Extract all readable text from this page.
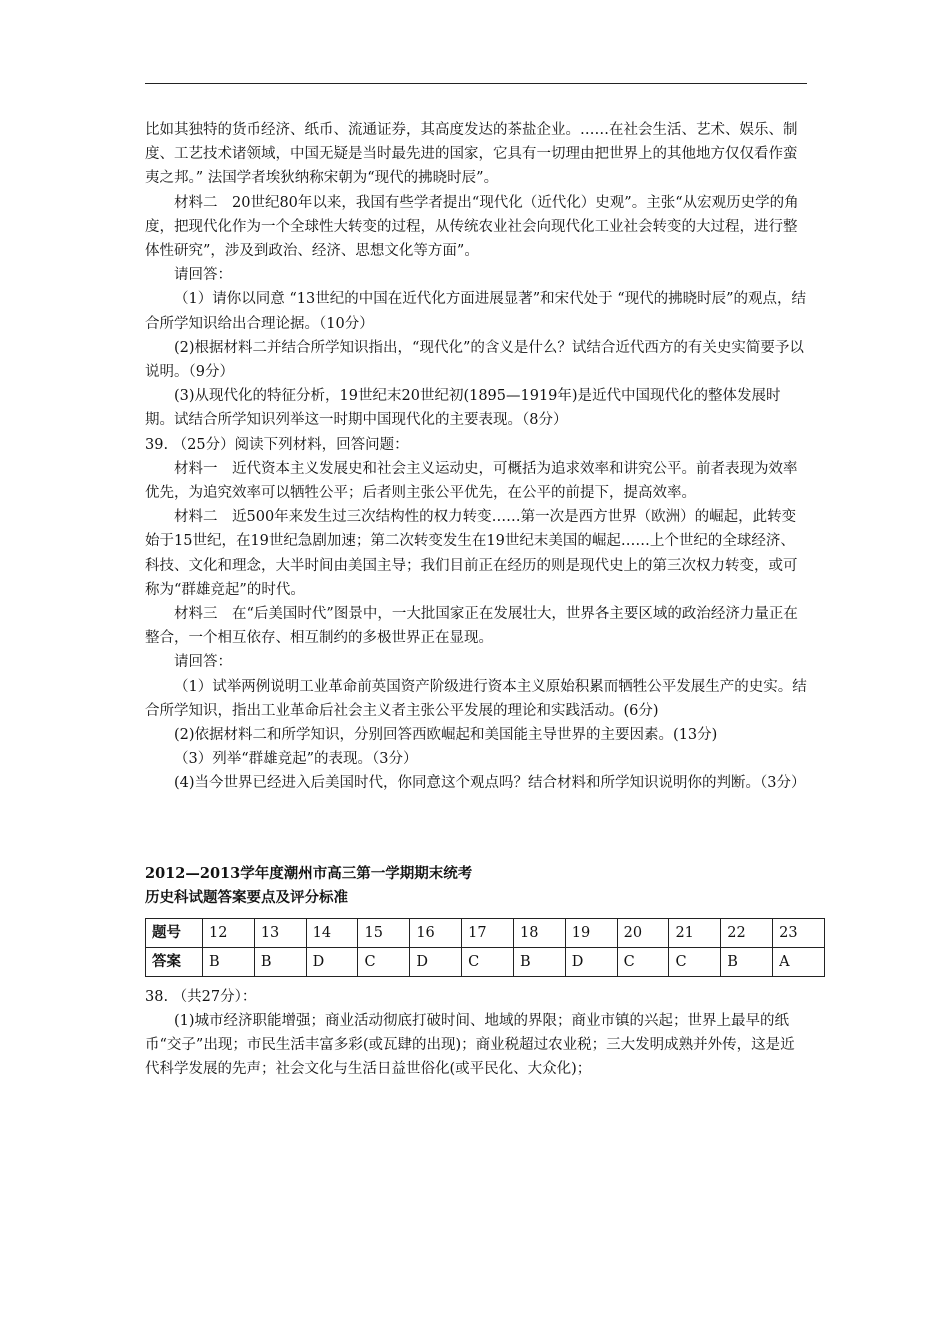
比如其独特的货币经济、纸币、流通证券，其高度发达的茶盐企业。……在社会生活、艺术、娱乐、制度、工艺技术诸领域，中国无疑是当时最先进的国家，它具有一切理由把世界上的其他地方仅仅看作蛮夷之邦。” 法国学者埃狄纳称宋朝为“现代的拂晓时辰”。

材料二　20世纪80年以来，我国有些学者提出“现代化（近代化）史观”。主张“从宏观历史学的角度，把现代化作为一个全球性大转变的过程，从传统农业社会向现代化工业社会转变的大过程，进行整体性研究”，涉及到政治、经济、思想文化等方面”。

请回答：

（1）请你以同意 “13世纪的中国在近代化方面进展显著”和宋代处于 “现代的拂晓时辰”的观点，结合所学知识给出合理论据。（10分）

(2)根据材料二并结合所学知识指出，“现代化”的含义是什么？试结合近代西方的有关史实简要予以说明。（9分）

(3)从现代化的特征分析，19世纪末20世纪初(1895—1919年)是近代中国现代化的整体发展时期。试结合所学知识列举这一时期中国现代化的主要表现。（8分）

39. （25分）阅读下列材料，回答问题：

材料一　近代资本主义发展史和社会主义运动史，可概括为追求效率和讲究公平。前者表现为效率优先，为追究效率可以牺牲公平；后者则主张公平优先，在公平的前提下，提高效率。

材料二　近500年来发生过三次结构性的权力转变……第一次是西方世界（欧洲）的崛起，此转变始于15世纪，在19世纪急剧加速；第二次转变发生在19世纪末美国的崛起……上个世纪的全球经济、科技、文化和理念，大半时间由美国主导；我们目前正在经历的则是现代史上的第三次权力转变，或可称为“群雄竞起”的时代。

材料三　在“后美国时代”图景中，一大批国家正在发展壮大，世界各主要区域的政治经济力量正在整合，一个相互依存、相互制约的多极世界正在显现。

请回答：

（1）试举两例说明工业革命前英国资产阶级进行资本主义原始积累而牺牲公平发展生产的史实。结合所学知识，指出工业革命后社会主义者主张公平发展的理论和实践活动。(6分)

(2)依据材料二和所学知识，分别回答西欧崛起和美国能主导世界的主要因素。(13分)

（3）列举“群雄竞起”的表现。（3分）

(4)当今世界已经进入后美国时代，你同意这个观点吗？结合材料和所学知识说明你的判断。（3分）

2012—2013学年度潮州市高三第一学期期末统考

历史科试题答案要点及评分标准

题号	12	13	14	15	16	17	18	19	20	21	22	23
答案	B	B	D	C	D	C	B	D	C	C	B	A

38. （共27分）：

(1)城市经济职能增强；商业活动彻底打破时间、地域的界限；商业市镇的兴起；世界上最早的纸币“交子”出现；市民生活丰富多彩(或瓦肆的出现)；商业税超过农业税；三大发明成熟并外传，这是近代科学发展的先声；社会文化与生活日益世俗化(或平民化、大众化)；
